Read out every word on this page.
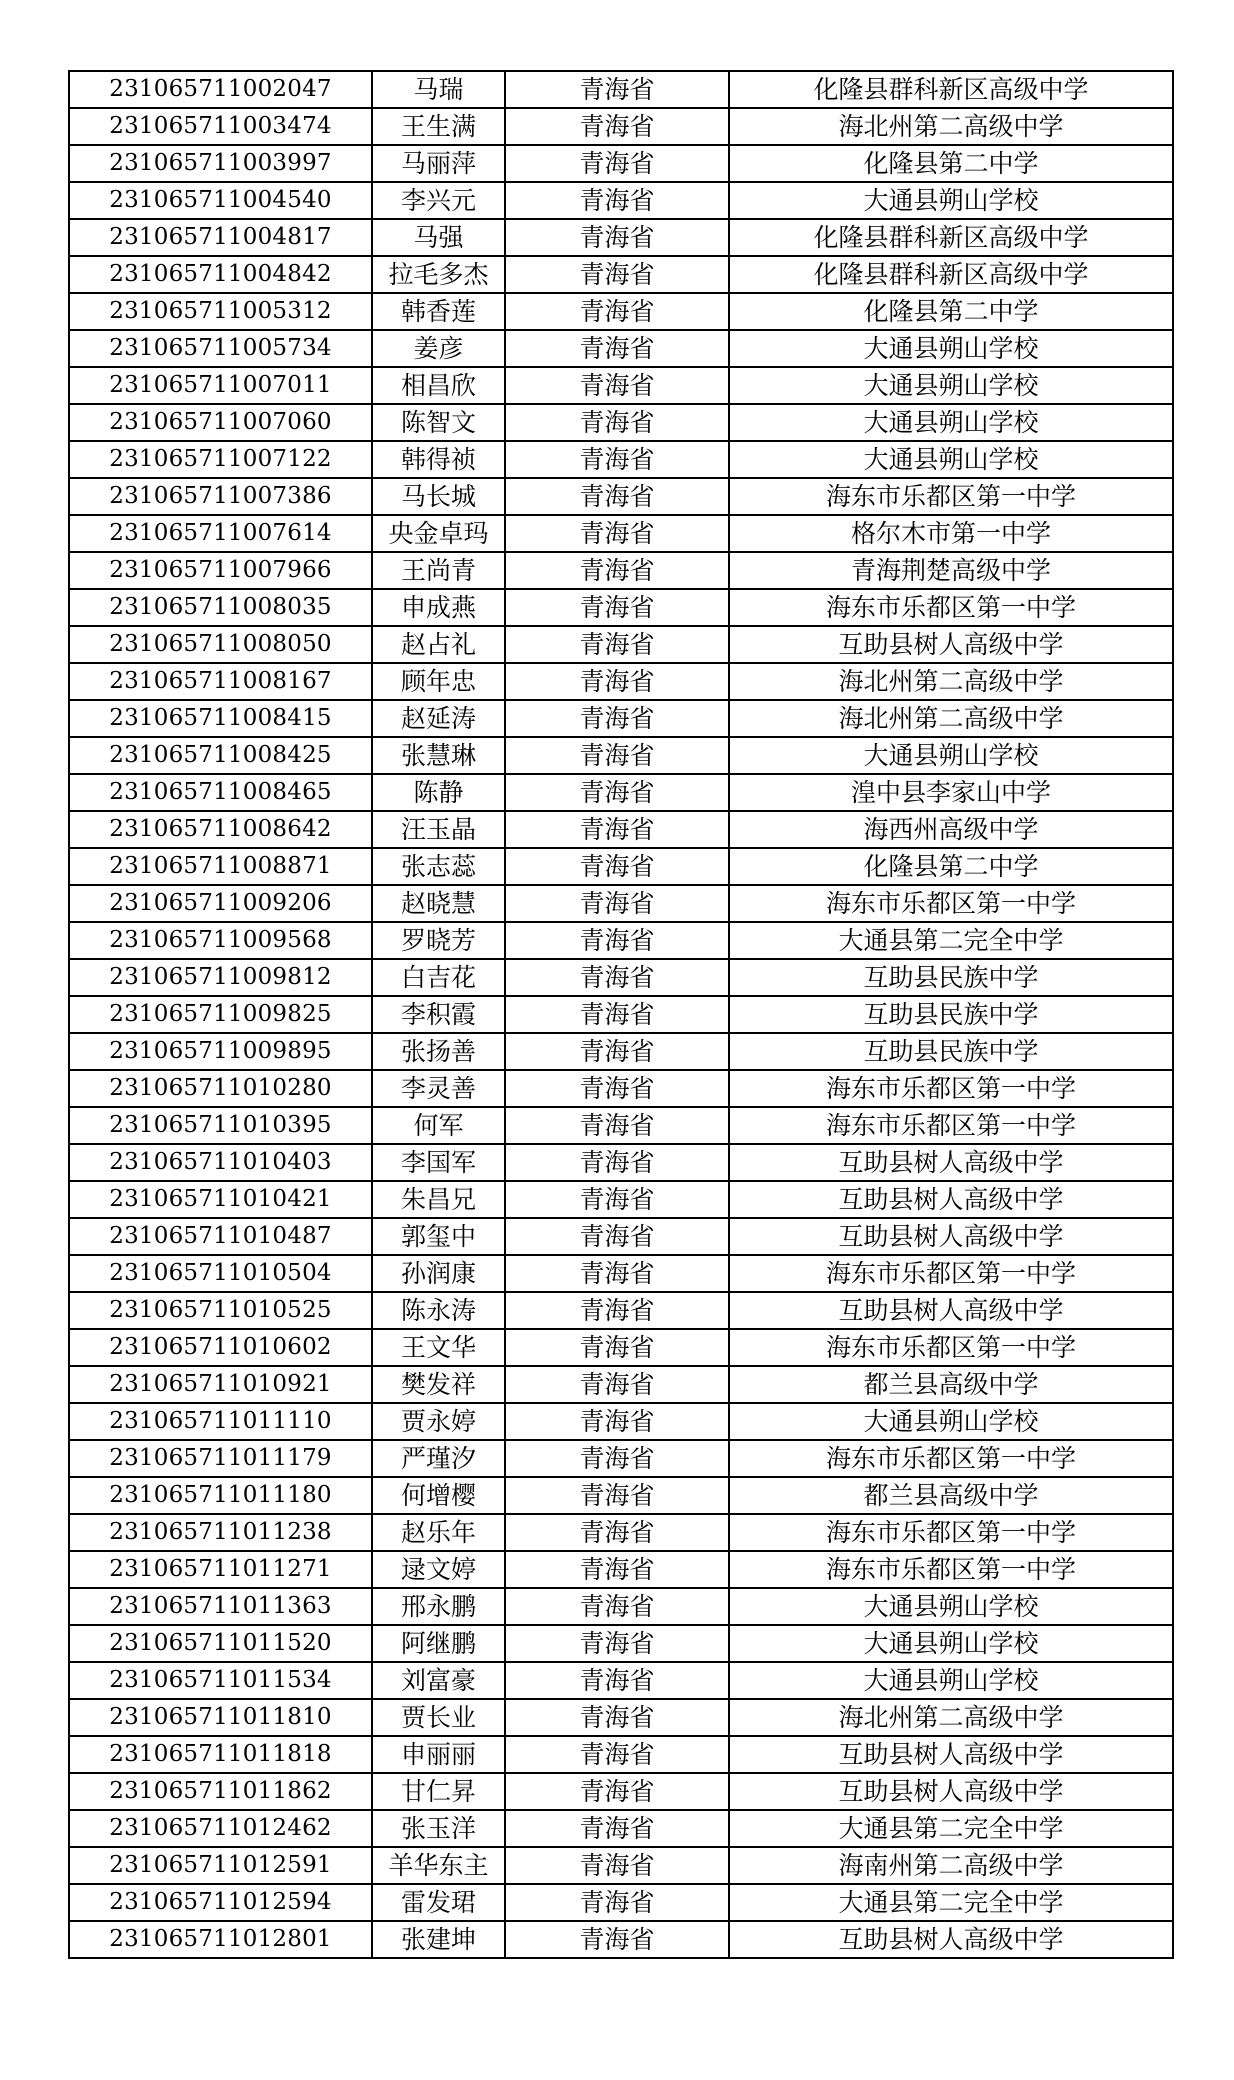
231065711002047	马瑞	青海省	化隆县群科新区高级中学
231065711003474	王生满	青海省	海北州第二高级中学
231065711003997	马丽萍	青海省	化隆县第二中学
231065711004540	李兴元	青海省	大通县朔山学校
231065711004817	马强	青海省	化隆县群科新区高级中学
231065711004842	拉毛多杰	青海省	化隆县群科新区高级中学
231065711005312	韩香莲	青海省	化隆县第二中学
231065711005734	姜彦	青海省	大通县朔山学校
231065711007011	相昌欣	青海省	大通县朔山学校
231065711007060	陈智文	青海省	大通县朔山学校
231065711007122	韩得祯	青海省	大通县朔山学校
231065711007386	马长城	青海省	海东市乐都区第一中学
231065711007614	央金卓玛	青海省	格尔木市第一中学
231065711007966	王尚青	青海省	青海荆楚高级中学
231065711008035	申成燕	青海省	海东市乐都区第一中学
231065711008050	赵占礼	青海省	互助县树人高级中学
231065711008167	顾年忠	青海省	海北州第二高级中学
231065711008415	赵延涛	青海省	海北州第二高级中学
231065711008425	张慧琳	青海省	大通县朔山学校
231065711008465	陈静	青海省	湟中县李家山中学
231065711008642	汪玉晶	青海省	海西州高级中学
231065711008871	张志蕊	青海省	化隆县第二中学
231065711009206	赵晓慧	青海省	海东市乐都区第一中学
231065711009568	罗晓芳	青海省	大通县第二完全中学
231065711009812	白吉花	青海省	互助县民族中学
231065711009825	李积霞	青海省	互助县民族中学
231065711009895	张扬善	青海省	互助县民族中学
231065711010280	李灵善	青海省	海东市乐都区第一中学
231065711010395	何军	青海省	海东市乐都区第一中学
231065711010403	李国军	青海省	互助县树人高级中学
231065711010421	朱昌兄	青海省	互助县树人高级中学
231065711010487	郭玺中	青海省	互助县树人高级中学
231065711010504	孙润康	青海省	海东市乐都区第一中学
231065711010525	陈永涛	青海省	互助县树人高级中学
231065711010602	王文华	青海省	海东市乐都区第一中学
231065711010921	樊发祥	青海省	都兰县高级中学
231065711011110	贾永婷	青海省	大通县朔山学校
231065711011179	严瑾汐	青海省	海东市乐都区第一中学
231065711011180	何增樱	青海省	都兰县高级中学
231065711011238	赵乐年	青海省	海东市乐都区第一中学
231065711011271	逯文婷	青海省	海东市乐都区第一中学
231065711011363	邢永鹏	青海省	大通县朔山学校
231065711011520	阿继鹏	青海省	大通县朔山学校
231065711011534	刘富豪	青海省	大通县朔山学校
231065711011810	贾长业	青海省	海北州第二高级中学
231065711011818	申丽丽	青海省	互助县树人高级中学
231065711011862	甘仁昇	青海省	互助县树人高级中学
231065711012462	张玉洋	青海省	大通县第二完全中学
231065711012591	羊华东主	青海省	海南州第二高级中学
231065711012594	雷发珺	青海省	大通县第二完全中学
231065711012801	张建坤	青海省	互助县树人高级中学
